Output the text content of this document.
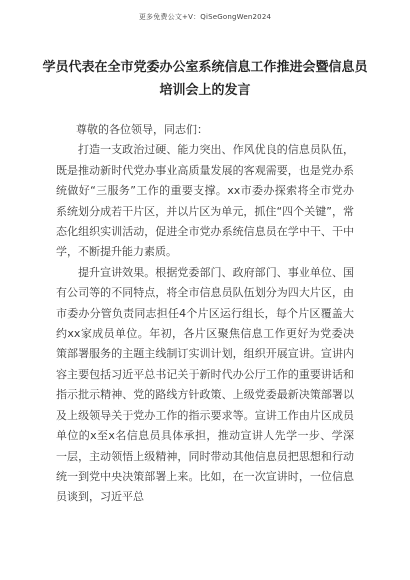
更多免费公文+V：QiSeGongWen2024
学员代表在全市党委办公室系统信息工作推进会暨信息员
培训会上的发言

尊敬的各位领导，同志们：

打造一支政治过硬、能力突出、作风优良的信息员队伍，既是推动新时代党办事业高质量发展的客观需要，也是党办系统做好“三服务”工作的重要支撑。xx市委办探索将全市党办系统划分成若干片区，并以片区为单元，抓住“四个关键”，常态化组织实训活动，促进全市党办系统信息员在学中干、干中学，不断提升能力素质。

提升宣讲效果。根据党委部门、政府部门、事业单位、国有公司等的不同特点，将全市信息员队伍划分为四大片区，由市委办分管负责同志担任4个片区运行组长，每个片区覆盖大约xx家成员单位。年初，各片区聚焦信息工作更好为党委决策部署服务的主题主线制订实训计划，组织开展宣讲。宣讲内容主要包括习近平总书记关于新时代办公厅工作的重要讲话和指示批示精神、党的路线方针政策、上级党委最新决策部署以及上级领导关于党办工作的指示要求等。宣讲工作由片区成员单位的x至x名信息员具体承担，推动宣讲人先学一步、学深一层，主动领悟上级精神，同时带动其他信息员把思想和行动统一到党中央决策部署上来。比如，在一次宣讲时，一位信息员谈到，习近平总
